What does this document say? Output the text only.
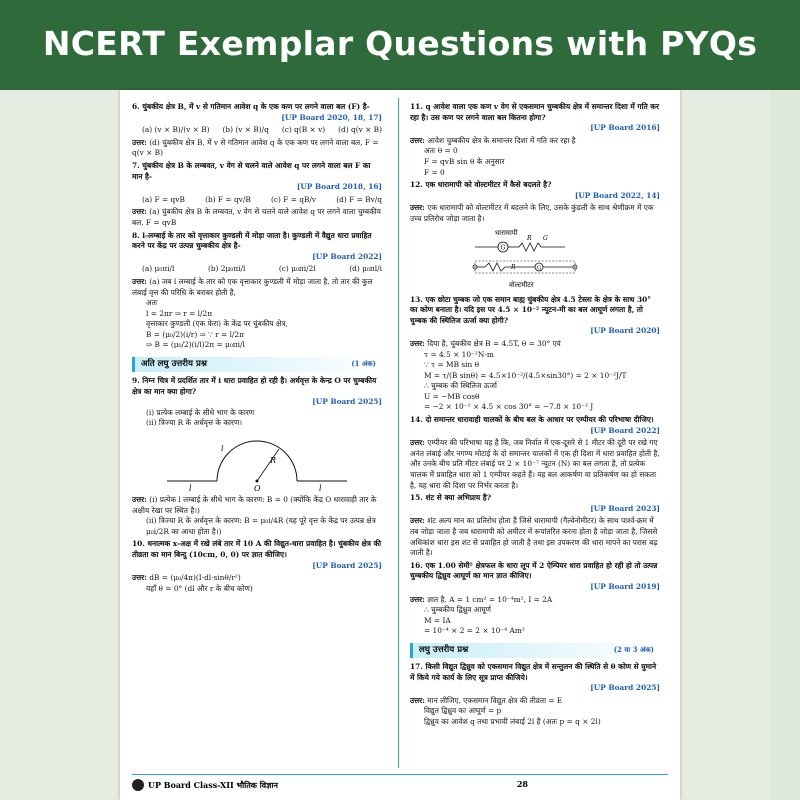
NCERT Exemplar Questions with PYQs
6. चुंबकीय क्षेत्र B, में v से गतिमान आवेश q के एक कण पर लगने वाला बल (F) है-
[UP Board 2020, 18, 17]
(a) (v × B)/(v × B) (b) (v × B)/q (c) q(B × v) (d) q(v × B)
उत्तर: (d) चुंबकीय क्षेत्र B, में v से गतिमान आवेश q के एक कण पर लगने वाला बल, F = q(v × B)
7. चुंबकीय क्षेत्र B के लम्बवत, v वेग से चलने वाले आवेश q पर लगने वाला बल F का मान है-
[UP Board 2018, 16]
(a) F = qvB	(b) F = qv/B	(c) F = qB/v	(d) F = Bv/q
उत्तर: (a) चुंबकीय क्षेत्र B के लम्बवत, v वेग से चलने वाले आवेश q पर लगने वाला चुम्बकीय बल, F = qvB
8. l-लम्बाई के तार को वृत्ताकार कुण्डली में मोड़ा जाता है। कुण्डली में वैद्युत धारा प्रवाहित करने पर केंद्र पर उत्पन्न चुम्बकीय क्षेत्र है-
[UP Board 2022]
(a) μ₀πi/l	(b) 2μ₀πi/l	(c) μ₀πi/2l	(d) μ₀πl/i
उत्तर: (a) जब l लम्बाई के तार को एक वृत्ताकार कुण्डली में मोड़ा जाता है, तो तार की कुल लंबाई वृत्त की परिधि के बराबर होती है,
अतः
l = 2πr ⇒ r = l/2π
वृत्ताकार कुण्डली (एक फेरा) के केंद्र पर चुंबकीय क्षेत्र,
B = (μ₀/2)(i/r) ⇒ ∵ r = l/2π
⇒ B = (μ₀/2)(i/l)2π = μ₀πi/l
अति लघु उत्तरीय प्रश्न	(1 अंक)
9. निम्न चित्र में प्रदर्शित तार में i धारा प्रवाहित हो रही है। अर्धवृत्त के केन्द्र O पर चुम्बकीय क्षेत्र का मान क्या होगा?
[UP Board 2025]
(i) प्रत्येक लम्बाई के सीधे भाग के कारण
(ii) त्रिज्या R के अर्धवृत्त के कारण।
R
i
O
l	l
उत्तर: (i) प्रत्येक l लम्बाई के सीधे भाग के कारण: B = 0 (क्योंकि केंद्र O धारावाही तार के अक्षीय रेखा पर स्थित है।)
(ii) त्रिज्या R के अर्धवृत्त के कारण: B = μ₀i/4R (यह पूरे वृत्त के केंद्र पर उत्पन्न क्षेत्र μ₀i/2R का आधा होता है।)
10. धनात्मक x-अक्ष में रखे लंबे तार में 10 A की विद्युत-धारा प्रवाहित है। चुंबकीय क्षेत्र की तीव्रता का मान बिन्दु (10cm, 0, 0) पर ज्ञात कीजिए।
[UP Board 2025]
उत्तर: dB = (μ₀/4π)(I·dl·sinθ/r²)
यहाँ θ = 0° (dl और r के बीच कोण)
11. q आवेश वाला एक कण v वेग से एकसमान चुम्बकीय क्षेत्र में समान्तर दिशा में गति कर रहा है। उस कण पर लगने वाला बल कितना होगा?
[UP Board 2016]
उत्तर: आवेश चुम्बकीय क्षेत्र के समान्तर दिशा में गति कर रहा है
अतः θ = 0
F = qvB sin θ के अनुसार
F = 0
12. एक धारामापी को वोल्टमीटर में कैसे बदलते है?
[UP Board 2022, 14]
उत्तर: एक धारामापी को वोल्टमीटर में बदलने के लिए, उसके कुंडली के साथ श्रेणीक्रम में एक उच्च प्रतिरोध जोड़ा जाता है।
धारामापी
G
R G
R	G
वोल्टमीटर
13. एक छोटा चुम्बक जो एक समान बाह्य चुंबकीय क्षेत्र 4.5 टेस्ला के क्षेत्र के साथ 30° का कोण बनाता है। यदि इस पर 4.5 × 10⁻² न्यूटन-मी का बल आघूर्ण लगता है, तो चुम्बक की स्थितिज ऊर्जा क्या होगी?
[UP Board 2020]
उत्तर: दिया है, चुंबकीय क्षेत्र B = 4.5T, θ = 30° एवं
τ = 4.5 × 10⁻²N-m
∵ τ = MB sin θ
M = τ/(B sinθ) = 4.5×10⁻²/(4.5×sin30°) = 2 × 10⁻²J/T
∴ चुम्बक की स्थितिज ऊर्जा
U = −MB cosθ
= −2 × 10⁻² × 4.5 × cos 30° = −7.8 × 10⁻² J
14. दो समान्तर धारावाही चालकों के बीच बल के आधार पर एम्पीयर की परिभाषा दीजिए।
[UP Board 2022]
उत्तर: एम्पीयर की परिभाषा यह है कि, जब निर्वात में एक-दूसरे से 1 मीटर की दूरी पर रखे गए अनंत लंबाई और नगण्य मोटाई के दो समान्तर चालकों में एक ही दिशा में धारा प्रवाहित होती है, और उनके बीच प्रति मीटर लंबाई पर 2 × 10⁻⁷ न्यूटन (N) का बल लगता है, तो प्रत्येक चालक में प्रवाहित धारा को 1 एम्पीयर कहते हैं। यह बल आकर्षण या प्रतिकर्षण का हो सकता है, यह धारा की दिशा पर निर्भर करता है।
15. शंट से क्या अभिप्राय है?
[UP Board 2023]
उत्तर: शंट अल्प मान का प्रतिरोध होता है जिसे धारामापी (गैल्वेनोमीटर) के साथ पार्श्व-क्रम में तब जोड़ा जाता है जब धारामापी को अमीटर में रूपांतरित करना होता है जोड़ा जाता है, जिससे अधिकांश धारा इस शंट से प्रवाहित हो जाती है तथा इस उपकरण की धारा मापने का परास बढ़ जाती है।
16. एक 1.00 सेमी² क्षेत्रफल के धारा लूप में 2 ऐम्पियर धारा प्रवाहित हो रही हो तो उत्पन्न चुम्बकीय द्विध्रुव आघूर्ण का मान ज्ञात कीजिए।
[UP Board 2019]
उत्तर: ज्ञात है, A = 1 cm² = 10⁻⁴m², I = 2A
∴ चुम्बकीय द्विध्रुव आघूर्ण
M = IA
= 10⁻⁴ × 2 = 2 × 10⁻⁴ Am²
लघु उत्तरीय प्रश्न	(2 या 3 अंक)
17. किसी विद्युत द्विध्रुव को एकसमान विद्युत क्षेत्र में सन्तुलन की स्थिति से θ कोण से घुमाने में किये गये कार्य के लिए सूत्र प्राप्त कीजिये।
[UP Board 2025]
उत्तर: मान लीजिए, एकसमान विद्युत क्षेत्र की तीव्रता = E
विद्युत द्विध्रुव का आघूर्ण = p
द्विध्रुव का आवेश q तथा प्रभावी लंबाई 2l है (अतः p = q × 2l)
UP Board Class-XII भौतिक विज्ञान	28
